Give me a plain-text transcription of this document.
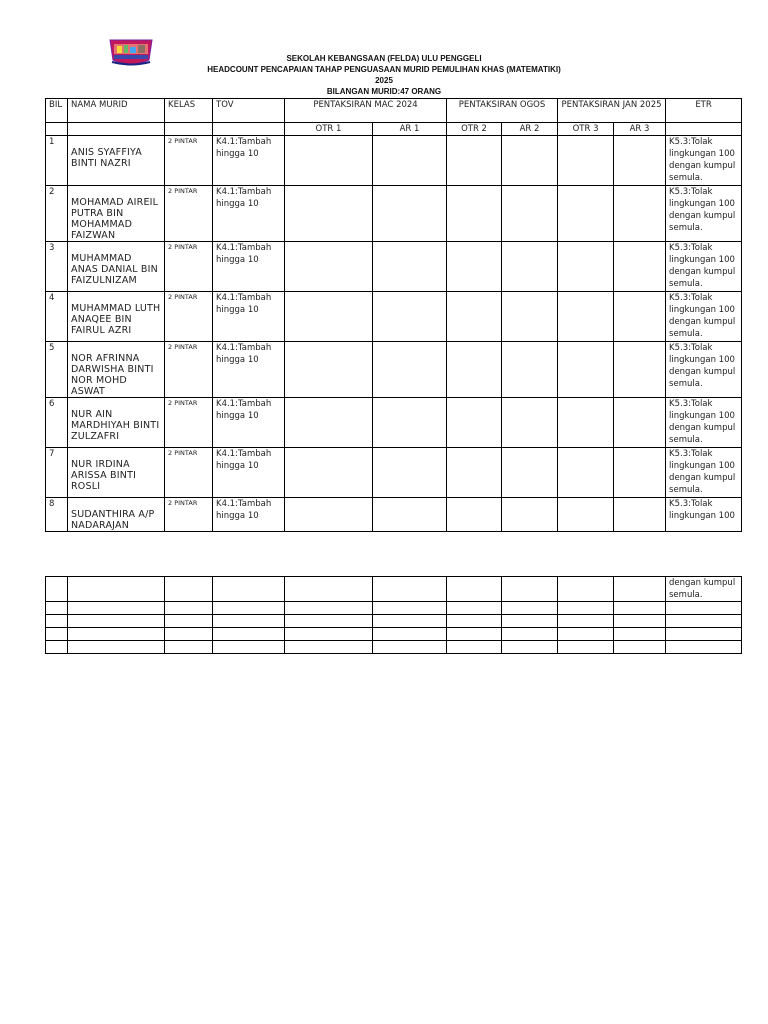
SEKOLAH KEBANGSAAN (FELDA) ULU PENGGELI
HEADCOUNT PENCAPAIAN TAHAP PENGUASAAN MURID PEMULIHAN KHAS (MATEMATIKI)
2025
BILANGAN MURID:47 ORANG
BIL	NAMA MURID	KELAS	TOV	PENTAKSIRAN MAC 2024		PENTAKSIRAN OGOS		PENTAKSIRAN JAN 2025		ETR
				OTR 1	AR 1	OTR 2	AR 2	OTR 3	AR 3	
1	ANIS SYAFFIYA BINTI NAZRI	2 PINTAR	K4.1:Tambah hingga 10							K5.3:Tolak lingkungan 100 dengan kumpul semula.
2	MOHAMAD AIREIL PUTRA BIN MOHAMMAD FAIZWAN	2 PINTAR	K4.1:Tambah hingga 10							K5.3:Tolak lingkungan 100 dengan kumpul semula.
3	MUHAMMAD ANAS DANIAL BIN FAIZULNIZAM	2 PINTAR	K4.1:Tambah hingga 10							K5.3:Tolak lingkungan 100 dengan kumpul semula.
4	MUHAMMAD LUTH ANAQEE BIN FAIRUL AZRI	2 PINTAR	K4.1:Tambah hingga 10							K5.3:Tolak lingkungan 100 dengan kumpul semula.
5	NOR AFRINNA DARWISHA BINTI NOR MOHD ASWAT	2 PINTAR	K4.1:Tambah hingga 10							K5.3:Tolak lingkungan 100 dengan kumpul semula.
6	NUR AIN MARDHIYAH BINTI ZULZAFRI	2 PINTAR	K4.1:Tambah hingga 10							K5.3:Tolak lingkungan 100 dengan kumpul semula.
7	NUR IRDINA ARISSA BINTI ROSLI	2 PINTAR	K4.1:Tambah hingga 10							K5.3:Tolak lingkungan 100 dengan kumpul semula.
8	SUDANTHIRA A/P NADARAJAN	2 PINTAR	K4.1:Tambah hingga 10							K5.3:Tolak lingkungan 100
										dengan kumpul semula.
